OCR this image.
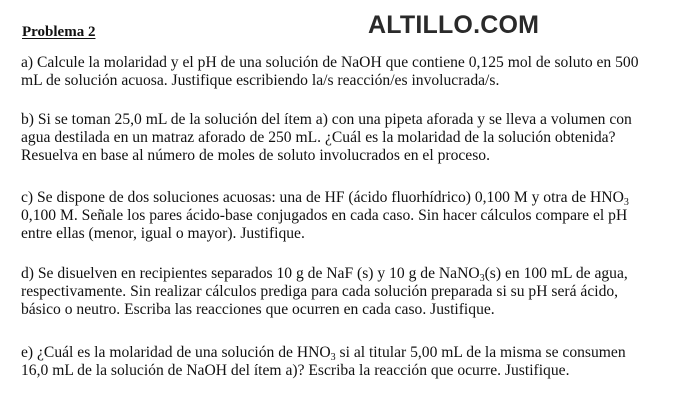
Problema 2	ALTILLO.COM
a) Calcule la molaridad y el pH de una solución de NaOH que contiene 0,125 mol de soluto en 500
mL de solución acuosa. Justifique escribiendo la/s reacción/es involucrada/s.
b) Si se toman 25,0 mL de la solución del ítem a) con una pipeta aforada y se lleva a volumen con
agua destilada en un matraz aforado de 250 mL. ¿Cuál es la molaridad de la solución obtenida?
Resuelva en base al número de moles de soluto involucrados en el proceso.
c) Se dispone de dos soluciones acuosas: una de HF (ácido fluorhídrico) 0,100 M y otra de $HNO_3$
0,100 M. Señale los pares ácido-base conjugados en cada caso. Sin hacer cálculos compare el pH
entre ellas (menor, igual o mayor). Justifique.
d) Se disuelven en recipientes separados 10 g de NaF (s) y 10 g de NaNO$_3$(s) en 100 mL de agua,
respectivamente. Sin realizar cálculos prediga para cada solución preparada si su pH será ácido,
básico o neutro. Escriba las reacciones que ocurren en cada caso. Justifique.
e) ¿Cuál es la molaridad de una solución de $HNO_3$ si al titular 5,00 mL de la misma se consumen
16,0 mL de la solución de NaOH del ítem a)? Escriba la reacción que ocurre. Justifique.
